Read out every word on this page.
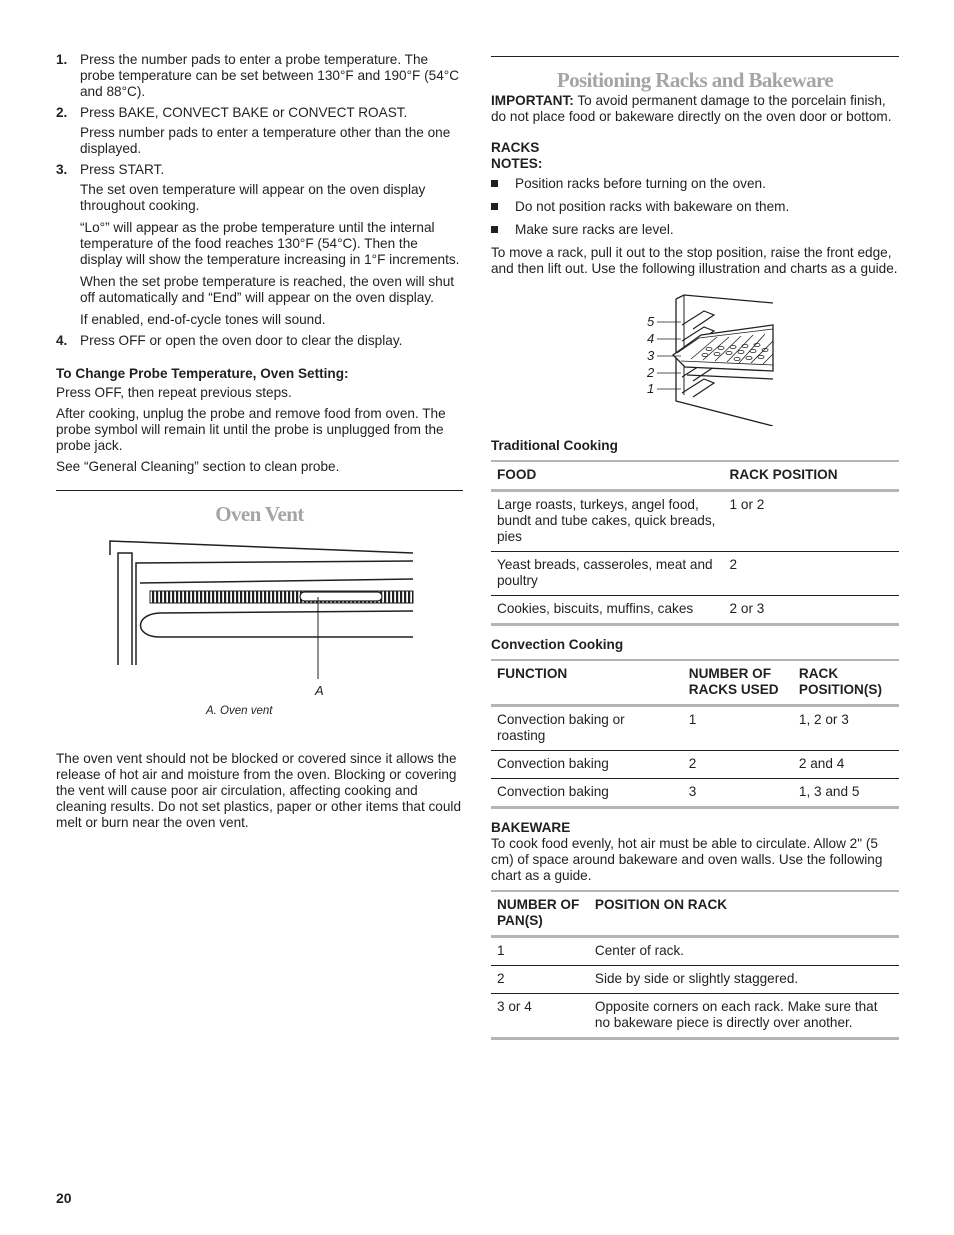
1. Press the number pads to enter a probe temperature. The probe temperature can be set between 130°F and 190°F (54°C and 88°C).

2. Press BAKE, CONVECT BAKE or CONVECT ROAST.

Press number pads to enter a temperature other than the one displayed.

3. Press START.

The set oven temperature will appear on the oven display throughout cooking.

“Lo°” will appear as the probe temperature until the internal temperature of the food reaches 130°F (54°C). Then the display will show the temperature increasing in 1°F increments.

When the set probe temperature is reached, the oven will shut off automatically and “End” will appear on the oven display.

If enabled, end-of-cycle tones will sound.

4. Press OFF or open the oven door to clear the display.

To Change Probe Temperature, Oven Setting:

Press OFF, then repeat previous steps.

After cooking, unplug the probe and remove food from oven. The probe symbol will remain lit until the probe is unplugged from the probe jack.

See “General Cleaning” section to clean probe.

Oven Vent
A
A. Oven vent

The oven vent should not be blocked or covered since it allows the release of hot air and moisture from the oven. Blocking or covering the vent will cause poor air circulation, affecting cooking and cleaning results. Do not set plastics, paper or other items that could melt or burn near the oven vent.

Positioning Racks and Bakeware

IMPORTANT: To avoid permanent damage to the porcelain finish, do not place food or bakeware directly on the oven door or bottom.

RACKS

NOTES:

Position racks before turning on the oven.
Do not position racks with bakeware on them.
Make sure racks are level.

To move a rack, pull it out to the stop position, raise the front edge, and then lift out. Use the following illustration and charts as a guide.

5
4
3
2
1
Traditional Cooking
FOOD	RACK POSITION
Large roasts, turkeys, angel food, bundt and tube cakes, quick breads, pies	1 or 2
Yeast breads, casseroles, meat and poultry	2
Cookies, biscuits, muffins, cakes	2 or 3
Convection Cooking
FUNCTION	NUMBER OF RACKS USED	RACK POSITION(S)
Convection baking or roasting	1	1, 2 or 3
Convection baking	2	2 and 4
Convection baking	3	1, 3 and 5
BAKEWARE

To cook food evenly, hot air must be able to circulate. Allow 2" (5 cm) of space around bakeware and oven walls. Use the following chart as a guide.

NUMBER OF PAN(S)	POSITION ON RACK
1	Center of rack.
2	Side by side or slightly staggered.
3 or 4	Opposite corners on each rack. Make sure that no bakeware piece is directly over another.
20
